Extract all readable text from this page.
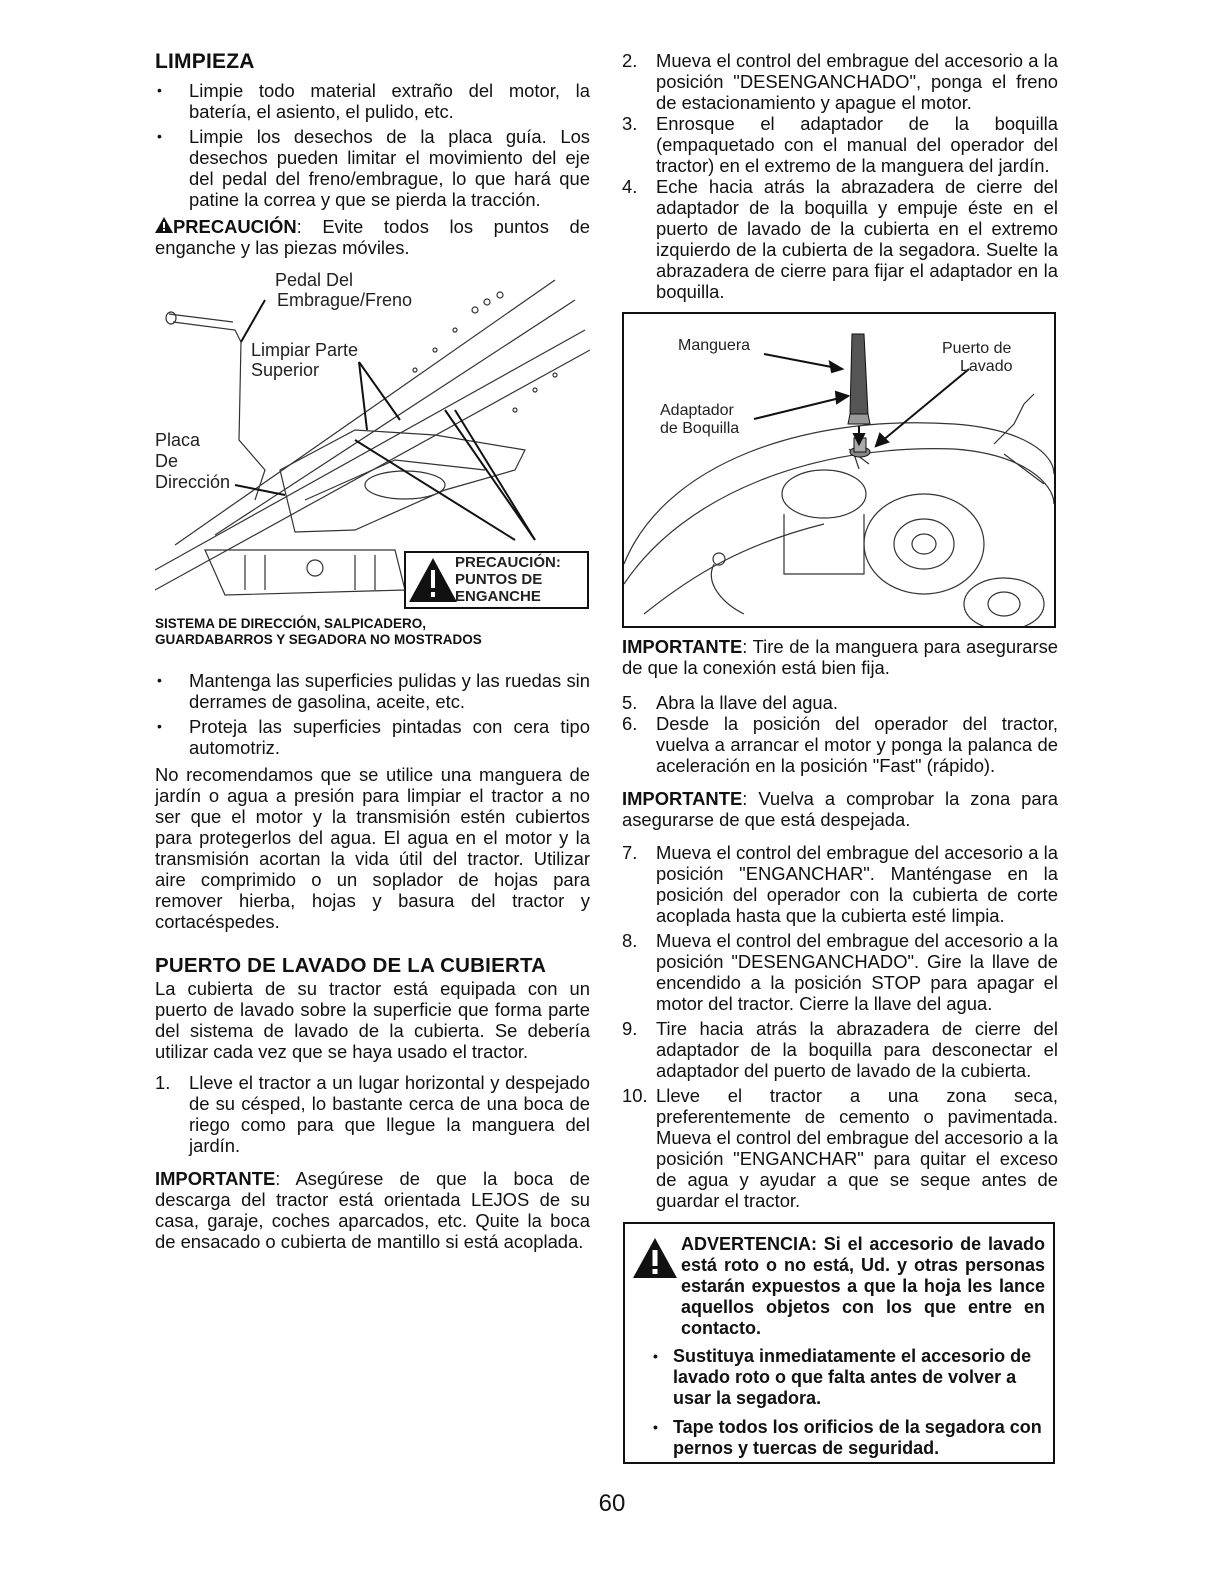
LIMPIEZA
• Limpie todo material extraño del motor, la batería, el asiento, el pulido, etc.
• Limpie los desechos de la placa guía. Los desechos pueden limitar el movimiento del eje del pedal del freno/embrague, lo que hará que patine la correa y que se pierda la tracción.

PRECAUCIÓN: Evite todos los puntos de enganche y las piezas móviles.

Pedal Del
Embrague/Freno
Limpiar Parte
Superior
Placa
De
Dirección
PRECAUCIÓN:
PUNTOS DE
ENGANCHE
SISTEMA DE DIRECCIÓN, SALPICADERO,
GUARDABARROS Y SEGADORA NO MOSTRADOS
• Mantenga las superficies pulidas y las ruedas sin derrames de gasolina, aceite, etc.
• Proteja las superficies pintadas con cera tipo automotriz.

No recomendamos que se utilice una manguera de jardín o agua a presión para limpiar el tractor a no ser que el motor y la transmisión estén cubiertos para protegerlos del agua. El agua en el motor y la transmisión acortan la vida útil del tractor. Utilizar aire comprimido o un soplador de hojas para remover hierba, hojas y basura del tractor y cortacéspedes.

PUERTO DE LAVADO DE LA CUBIERTA

La cubierta de su tractor está equipada con un puerto de lavado sobre la superficie que forma parte del sistema de lavado de la cubierta. Se debería utilizar cada vez que se haya usado el tractor.

1.	Lleve el tractor a un lugar horizontal y despejado de su césped, lo bastante cerca de una boca de riego como para que llegue la manguera del jardín.

IMPORTANTE: Asegúrese de que la boca de descarga del tractor está orientada LEJOS de su casa, garaje, coches aparcados, etc. Quite la boca de ensacado o cubierta de mantillo si está acoplada.

2.	Mueva el control del embrague del accesorio a la posición "DESENGANCHADO", ponga el freno de estacionamiento y apague el motor.
3.	Enrosque el adaptador de la boquilla (empaquetado con el manual del operador del tractor) en el extremo de la manguera del jardín.
4.	Eche hacia atrás la abrazadera de cierre del adaptador de la boquilla y empuje éste en el puerto de lavado de la cubierta en el extremo izquierdo de la cubierta de la segadora. Suelte la abrazadera de cierre para fijar el adaptador en la boquilla.
Manguera	Puerto de
Lavado
Adaptador
de Boquilla

IMPORTANTE: Tire de la manguera para asegurarse de que la conexión está bien fija.

5.	Abra la llave del agua.
6.	Desde la posición del operador del tractor, vuelva a arrancar el motor y ponga la palanca de aceleración en la posición "Fast" (rápido).

IMPORTANTE: Vuelva a comprobar la zona para asegurarse de que está despejada.

7.	Mueva el control del embrague del accesorio a la posición "ENGANCHAR". Manténgase en la posición del operador con la cubierta de corte acoplada hasta que la cubierta esté limpia.
8.	Mueva el control del embrague del accesorio a la posición "DESENGANCHADO". Gire la llave de encendido a la posición STOP para apagar el motor del tractor. Cierre la llave del agua.
9.	Tire hacia atrás la abrazadera de cierre del adaptador de la boquilla para desconectar el adaptador del puerto de lavado de la cubierta.
10. Lleve el tractor a una zona seca, preferentemente de cemento o pavimentada. Mueva el control del embrague del accesorio a la posición "ENGANCHAR" para quitar el exceso de agua y ayudar a que se seque antes de guardar el tractor.
ADVERTENCIA: Si el accesorio de lavado está roto o no está, Ud. y otras personas estarán expuestos a que la hoja les lance aquellos objetos con los que entre en contacto.
• Sustituya inmediatamente el accesorio de lavado roto o que falta antes de volver a usar la segadora.
• Tape todos los orificios de la segadora con pernos y tuercas de seguridad.
60
